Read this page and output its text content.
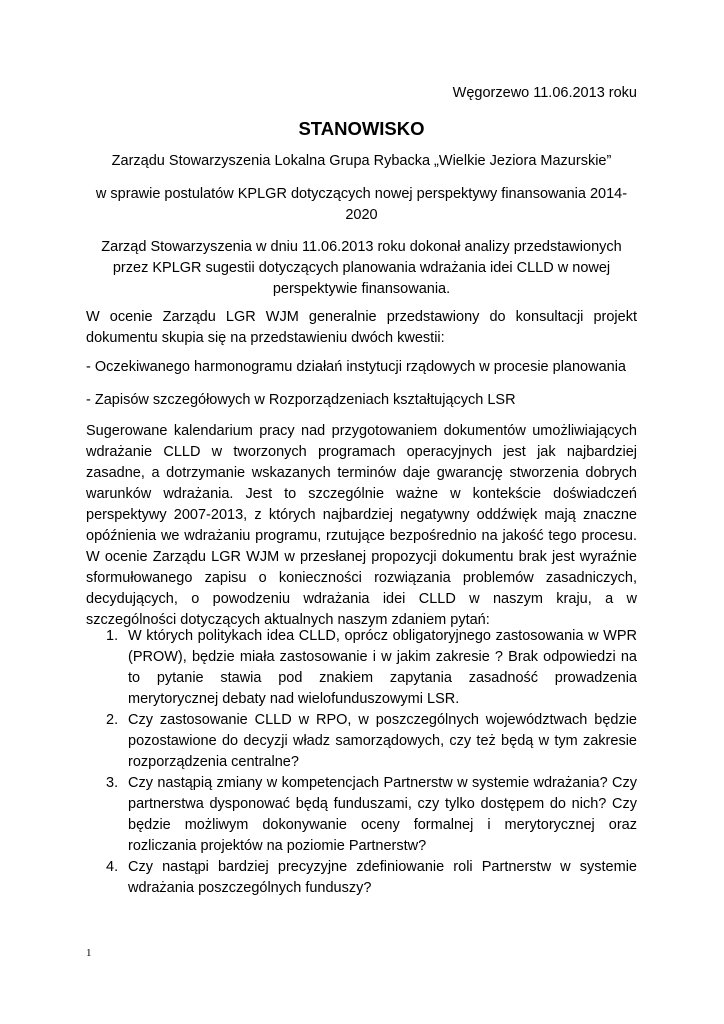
Węgorzewo 11.06.2013 roku
STANOWISKO
Zarządu Stowarzyszenia Lokalna Grupa Rybacka „Wielkie Jeziora Mazurskie”
w sprawie postulatów KPLGR dotyczących nowej perspektywy finansowania 2014-2020
Zarząd Stowarzyszenia w dniu 11.06.2013 roku dokonał analizy przedstawionych przez KPLGR sugestii dotyczących planowania wdrażania idei CLLD w nowej perspektywie finansowania.
W ocenie Zarządu LGR WJM generalnie przedstawiony do konsultacji projekt dokumentu skupia się na przedstawieniu dwóch kwestii:
- Oczekiwanego harmonogramu działań instytucji rządowych w procesie planowania
- Zapisów szczegółowych w Rozporządzeniach kształtujących LSR
Sugerowane kalendarium pracy nad przygotowaniem dokumentów umożliwiających wdrażanie CLLD w tworzonych programach operacyjnych jest jak najbardziej zasadne, a dotrzymanie wskazanych terminów daje gwarancję stworzenia dobrych warunków wdrażania. Jest to szczególnie ważne w kontekście doświadczeń perspektywy 2007-2013, z których najbardziej negatywny oddźwięk mają znaczne opóźnienia we wdrażaniu programu, rzutujące bezpośrednio na jakość tego procesu. W ocenie Zarządu LGR WJM w przesłanej propozycji dokumentu brak jest wyraźnie sformułowanego zapisu o konieczności rozwiązania problemów zasadniczych, decydujących, o powodzeniu wdrażania idei CLLD w naszym kraju, a w szczególności dotyczących aktualnych naszym zdaniem pytań:
1. W których politykach idea CLLD, oprócz obligatoryjnego zastosowania w WPR (PROW), będzie miała zastosowanie i w jakim zakresie ? Brak odpowiedzi na to pytanie stawia pod znakiem zapytania zasadność prowadzenia merytorycznej debaty nad wielofunduszowymi LSR.
2. Czy zastosowanie CLLD w RPO, w poszczególnych województwach będzie pozostawione do decyzji władz samorządowych, czy też będą w tym zakresie rozporządzenia centralne?
3. Czy nastąpią zmiany w kompetencjach Partnerstw w systemie wdrażania? Czy partnerstwa dysponować będą funduszami, czy tylko dostępem do nich? Czy będzie możliwym dokonywanie oceny formalnej i merytorycznej oraz rozliczania projektów na poziomie Partnerstw?
4. Czy nastąpi bardziej precyzyjne zdefiniowanie roli Partnerstw w systemie wdrażania poszczególnych funduszy?
1
